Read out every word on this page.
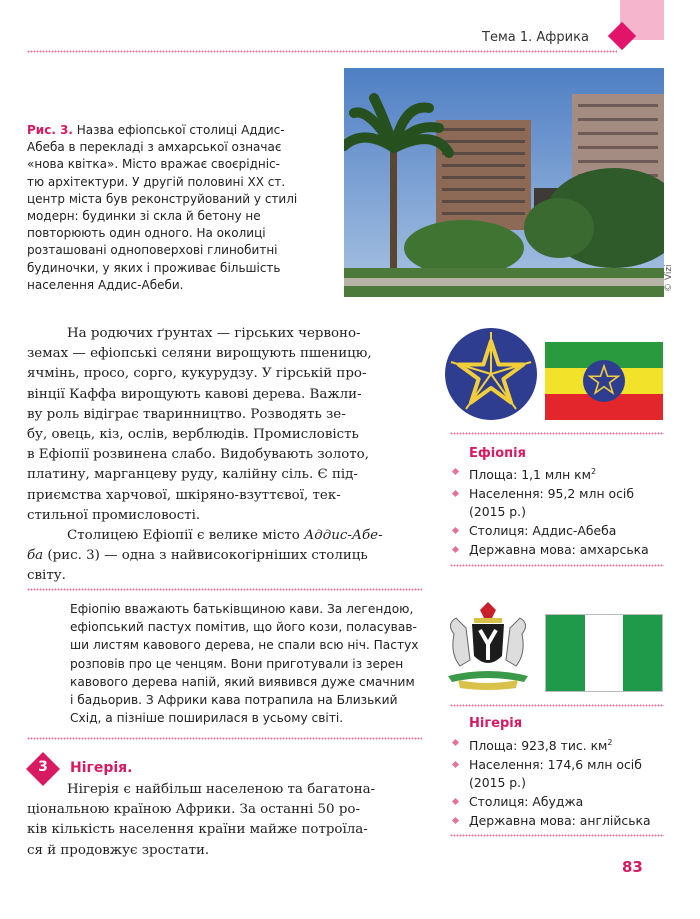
Тема 1. Африка
Рис. 3. Назва ефіопської столиці Аддис-
Абеба в перекладі з амхарської означає
«нова квітка». Місто вражає своєрідніс-
тю архітектури. У другій половині ХХ ст.
центр міста був реконструйований у стилі
модерн: будинки зі скла й бетону не
повторюють один одного. На околиці
розташовані одноповерхові глинобитні
будиночки, у яких і проживає більшість
населення Аддис-Абеби.	© Vizi

На родючих ґрунтах — гірських червоно-

земах — ефіопські селяни вирощують пшеницю,
ячмінь, просо, сорго, кукурудзу. У гірській про-
вінції Каффа вирощують кавові дерева. Важли-
ву роль відіграє тваринництво. Розводять зе-
бу, овець, кіз, ослів, верблюдів. Промисловість
в Ефіопії розвинена слабо. Видобувають золото,
платину, марганцеву руду, калійну сіль. Є під-
приємства харчової, шкіряно-взуттєвої, тек-
стильної промисловості.

Столицею Ефіопії є велике місто Аддис-Абе-

ба (рис. 3) — одна з найвисокогірніших столиць
світу.
Ефіопія
Площа: 1,1 млн $км^2$
Населення: 95,2 млн осіб
(2015 р.)
Столиця: Аддис-Абеба
Державна мова: амхарська
Ефіопію вважають батьківщиною кави. За легендою,
ефіопський пастух помітив, що його кози, поласував-
ши листям кавового дерева, не спали всю ніч. Пастух
розповів про це ченцям. Вони приготували із зерен
кавового дерева напій, який виявився дуже смачним
і бадьорив. З Африки кава потрапила на Близький
Схід, а пізніше поширилася в усьому світі.	Нігерія
Площа: 923,8 тис. $км^2$
Населення: 174,6 млн осіб
(2015 р.)
Столиця: Абуджа
Державна мова: англійська
3	Нігерія.

Нігерія є найбільш населеною та багатона-

ціональною країною Африки. За останні 50 ро-
ків кількість населення країни майже потроїла-
ся й продовжує зростати.
83
